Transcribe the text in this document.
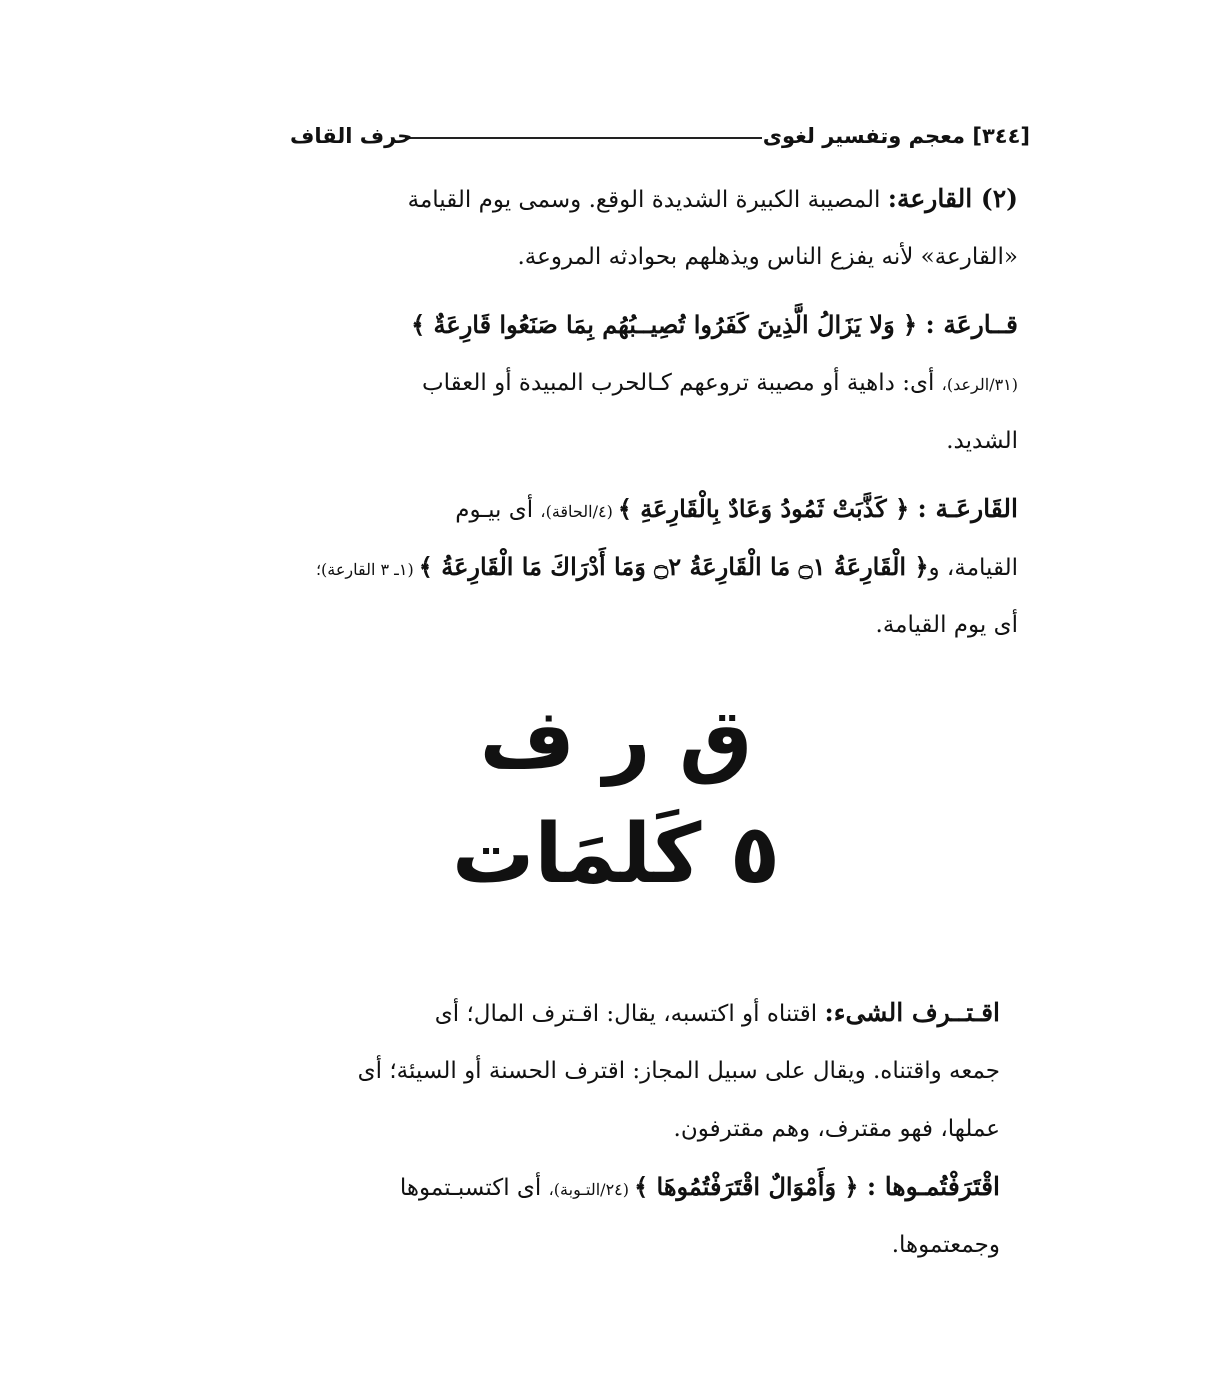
[٣٤٤] معجم وتفسير لغوى
حرف القاف
(٢) القارعة: المصيبة الكبيرة الشديدة الوقع. وسمى يوم القيامة
«القارعة» لأنه يفزع الناس ويذهلهم بحوادثه المروعة.
قــارعَة : ﴿ وَلا يَزَالُ الَّذِينَ كَفَرُوا تُصِيــبُهُم بِمَا صَنَعُوا قَارِعَةٌ ﴾
(٣١/الرعد)، أى: داهية أو مصيبة تروعهم كـالحرب المبيدة أو العقاب
الشديد.
القَارعَـة : ﴿ كَذَّبَتْ ثَمُودُ وَعَادٌ بِالْقَارِعَةِ ﴾ (٤/الحاقة)، أى بيـوم
القيامة، و﴿ الْقَارِعَةُ ۝١ مَا الْقَارِعَةُ ۝٢ وَمَا أَدْرَاكَ مَا الْقَارِعَةُ ﴾ (١ـ ٣ القارعة)؛
أى يوم القيامة.
ق ر ف
٥ كَلمَات
اقـتــرف الشىء: اقتناه أو اكتسبه، يقال: اقـترف المال؛ أى
جمعه واقتناه. ويقال على سبيل المجاز: اقترف الحسنة أو السيئة؛ أى
عملها، فهو مقترف، وهم مقترفون.
اقْتَرَفْتُمـوها : ﴿ وَأَمْوَالٌ اقْتَرَفْتُمُوهَا ﴾ (٢٤/التـوبة)، أى اكتسبـتموها
وجمعتموها.
